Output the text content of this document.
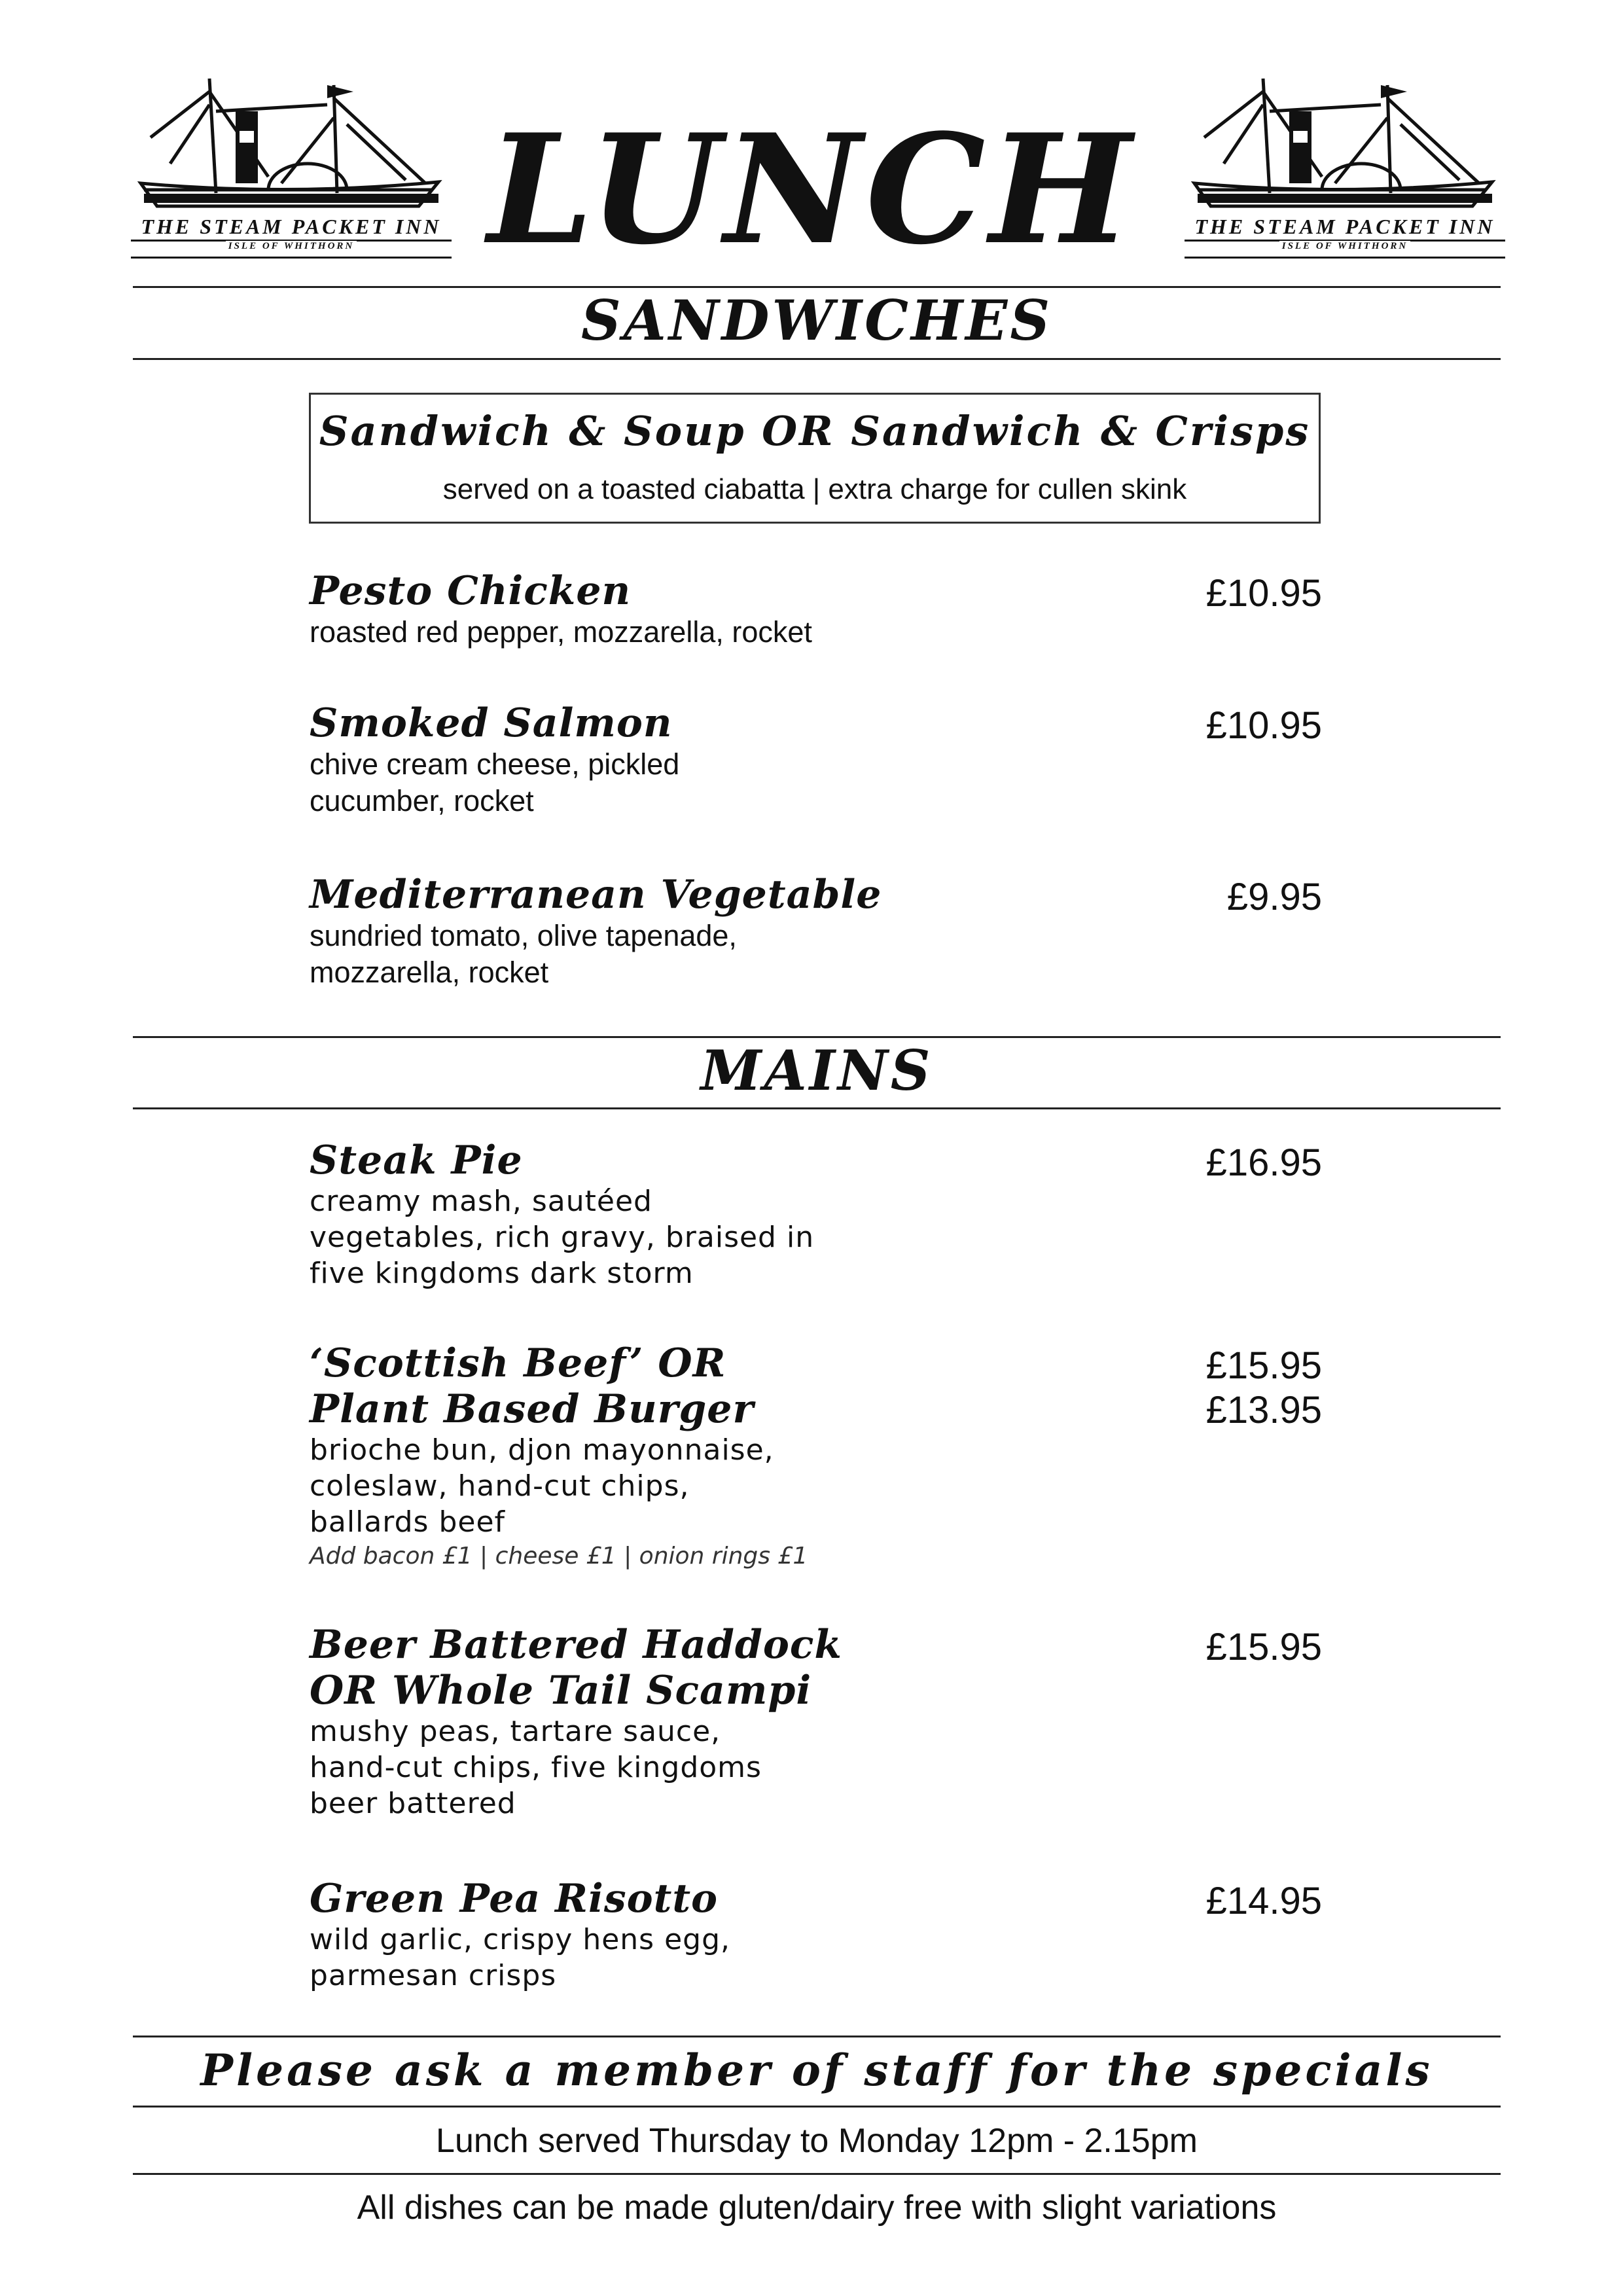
THE STEAM PACKET INN
ISLE OF WHITHORN
THE STEAM PACKET INN
ISLE OF WHITHORN
LUNCH
SANDWICHES
Sandwich & Soup OR Sandwich & Crisps
served on a toasted ciabatta | extra charge for cullen skink
Pesto Chicken
roasted red pepper, mozzarella, rocket
£10.95
Smoked Salmon
chive cream cheese, pickled
cucumber, rocket
£10.95
Mediterranean Vegetable
sundried tomato, olive tapenade,
mozzarella, rocket
£9.95
MAINS
Steak Pie
creamy mash, sautéed
vegetables, rich gravy, braised in
five kingdoms dark storm
£16.95
‘Scottish Beef’ OR
Plant Based Burger
brioche bun, djon mayonnaise,
coleslaw, hand-cut chips,
ballards beef
Add bacon £1 | cheese £1 | onion rings £1
£15.95
£13.95
Beer Battered Haddock
OR Whole Tail Scampi
mushy peas, tartare sauce,
hand-cut chips, five kingdoms
beer battered
£15.95
Green Pea Risotto
wild garlic, crispy hens egg,
parmesan crisps
£14.95
Please ask a member of staff for the specials
Lunch served Thursday to Monday 12pm - 2.15pm
All dishes can be made gluten/dairy free with slight variations
